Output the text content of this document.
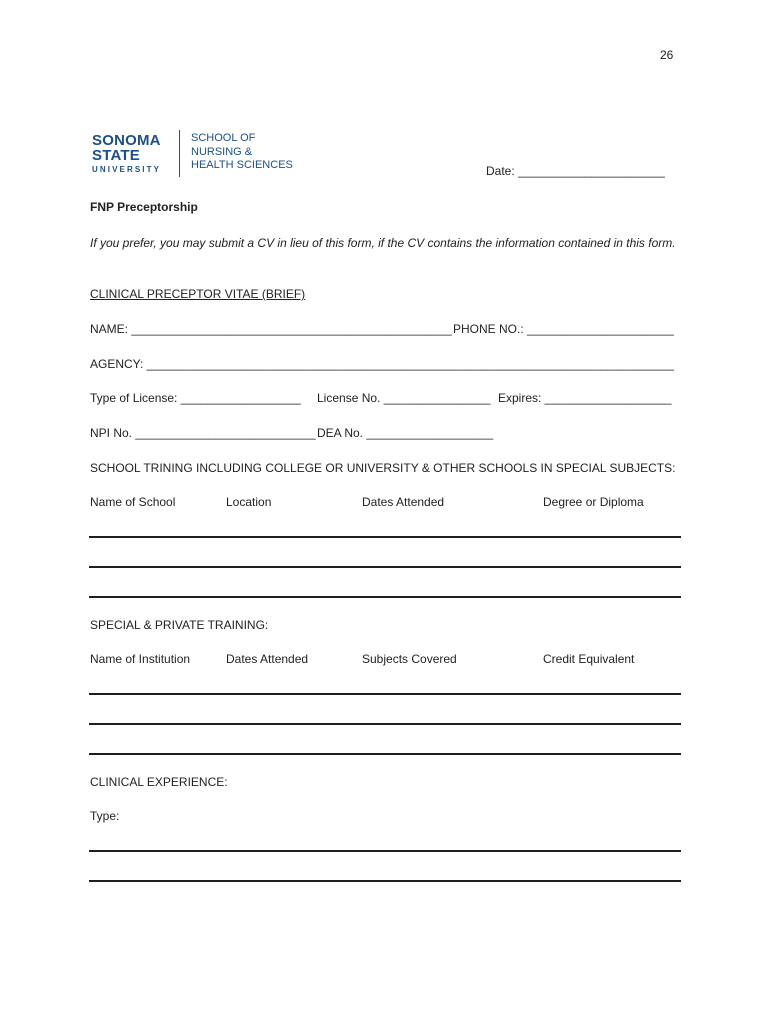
26
SONOMA
STATE
UNIVERSITY
SCHOOL OF
NURSING &
HEALTH SCIENCES	Date: ______________________
FNP Preceptorship
If you prefer, you may submit a CV in lieu of this form, if the CV contains the information contained in this form.
CLINICAL PRECEPTOR VITAE (BRIEF)
NAME: ________________________________________________ PHONE NO.: ______________________
AGENCY: _______________________________________________________________________________
Type of License: __________________ License No. ________________ Expires: ___________________
NPI No. ___________________________ DEA No. ___________________
SCHOOL TRINING INCLUDING COLLEGE OR UNIVERSITY & OTHER SCHOOLS IN SPECIAL SUBJECTS:
Name of School	Location	Dates Attended	Degree or Diploma
SPECIAL & PRIVATE TRAINING:
Name of Institution	Dates Attended	Subjects Covered	Credit Equivalent
CLINICAL EXPERIENCE:
Type:
